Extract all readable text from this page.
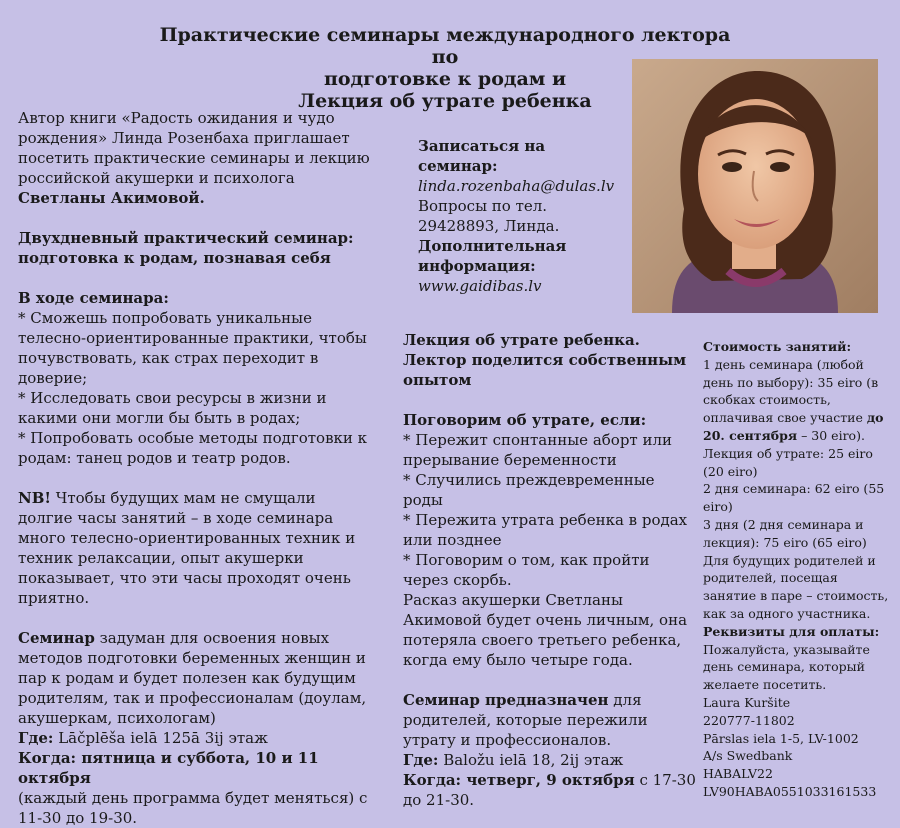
Практические семинары международного лектора по
подготовке к родам и
Лекция об утрате ребенка

Автор книги «Радость ожидания и чудо рождения» Линда Розенбаха приглашает посетить практические семинары и лекцию российской акушерки и психолога Светланы Акимовой.

Двухдневный практический семинар: подготовка к родам, познавая себя

В ходе семинара:

* Сможешь попробовать уникальные телесно-ориентированные практики, чтобы почувствовать, как страх переходит в доверие;

* Исследовать свои ресурсы в жизни и какими они могли бы быть в родах;

* Попробовать особые методы подготовки к родам: танец родов и театр родов.

NB! Чтобы будущих мам не смущали долгие часы занятий – в ходе семинара много телесно-ориентированных техник и техник релаксации, опыт акушерки показывает, что эти часы проходят очень приятно.

Семинар задуман для освоения новых методов подготовки беременных женщин и пар к родам и будет полезен как будущим родителям, так и профессионалам (доулам, акушеркам, психологам)

Где: Lāčplēša ielā 125ā 3ij этаж

Когда: пятница и суббота, 10 и 11 октября

(каждый день программа будет меняться) с 11-30 до 19-30.

Записаться на семинар:

linda.rozenbaha@dulas.lv

Вопросы по тел. 29428893, Линда.

Дополнительная информация:

www.gaidibas.lv

Лекция об утрате ребенка. Лектор поделится собственным опытом

Поговорим об утрате, если:

* Пережит спонтанные аборт или прерывание беременности

* Случились преждевременные роды

* Пережита утрата ребенка в родах или позднее

* Поговорим о том, как пройти через скорбь.

Расказ акушерки Светланы Акимовой будет очень личным, она потеряла своего третьего ребенка, когда ему было четыре года.

Семинар предназначен для родителей, которые пережили утрату и профессионалов.

Где: Baložu ielā 18, 2ij этаж

Когда: четверг, 9 октября с 17-30 до 21-30.

Стоимость занятий:

1 день семинара (любой день по выбору): 35 eiro (в скобках стоимость, оплачивая свое участие до 20. сентября – 30 eiro).

Лекция об утрате: 25 eiro (20 eiro)

2 дня семинара: 62 eiro (55 eiro)

3 дня (2 дня семинара и лекция): 75 eiro (65 eiro)

Для будущих родителей и родителей, посещая занятие в паре – стоимость, как за одного участника.

Реквизиты для оплаты:

Пожалуйста, указывайте день семинара, который желаете посетить.

Laura Kuršite

220777-11802

Pārslas iela 1-5, LV-1002

A/s Swedbank

HABALV22

LV90HABA0551033161533
